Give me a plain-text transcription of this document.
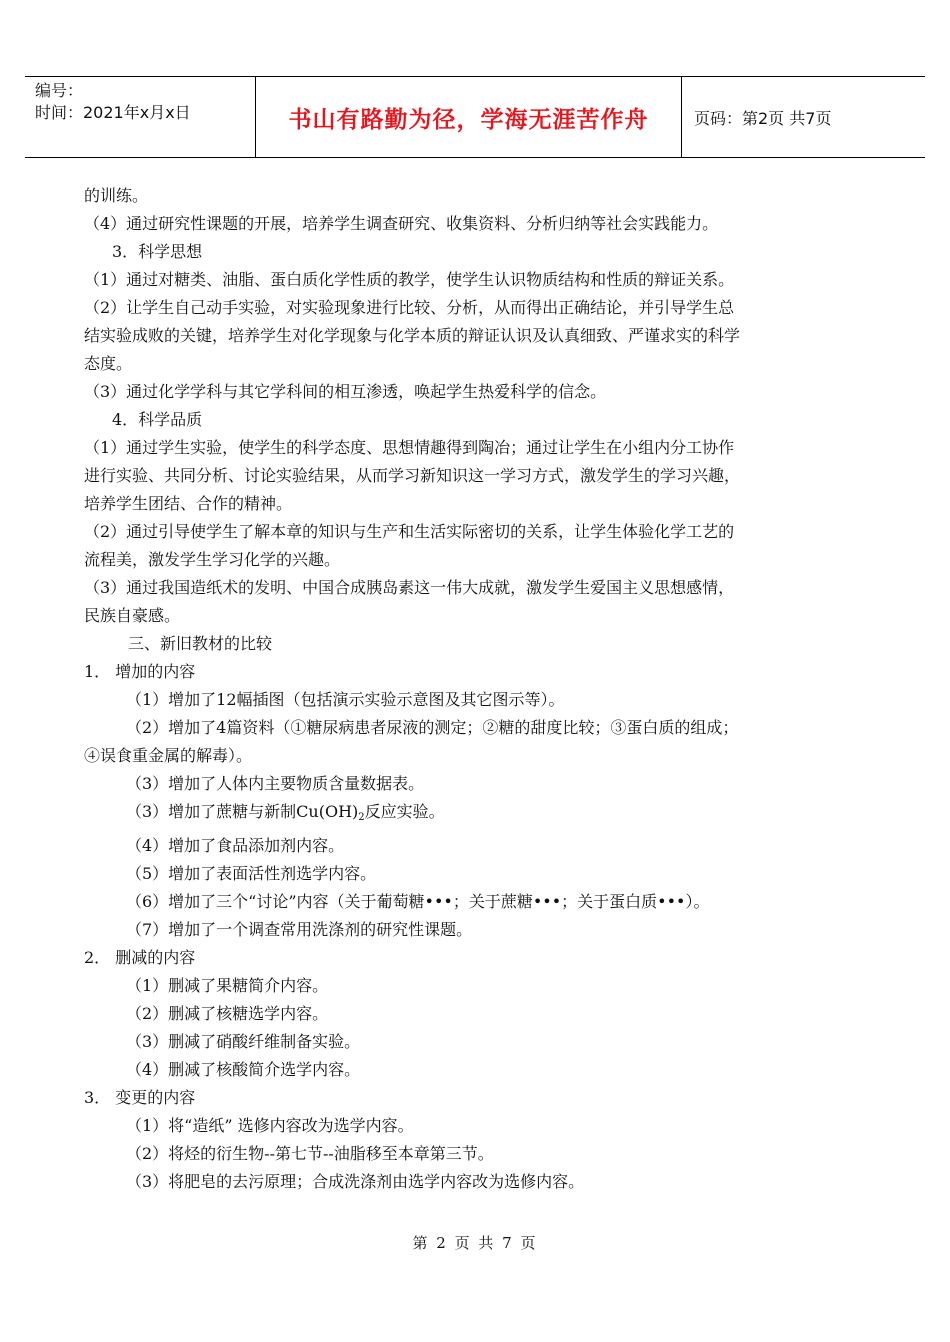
编号：
时间：2021年x月x日	书山有路勤为径，学海无涯苦作舟	页码：第2页 共7页
的训练。
（4）通过研究性课题的开展，培养学生调查研究、收集资料、分析归纳等社会实践能力。
3．科学思想
（1）通过对糖类、油脂、蛋白质化学性质的教学，使学生认识物质结构和性质的辩证关系。
（2）让学生自己动手实验，对实验现象进行比较、分析，从而得出正确结论，并引导学生总
结实验成败的关键，培养学生对化学现象与化学本质的辩证认识及认真细致、严谨求实的科学
态度。
（3）通过化学学科与其它学科间的相互渗透，唤起学生热爱科学的信念。
4．科学品质
（1）通过学生实验，使学生的科学态度、思想情趣得到陶冶；通过让学生在小组内分工协作
进行实验、共同分析、讨论实验结果，从而学习新知识这一学习方式，激发学生的学习兴趣，
培养学生团结、合作的精神。
（2）通过引导使学生了解本章的知识与生产和生活实际密切的关系，让学生体验化学工艺的
流程美，激发学生学习化学的兴趣。
（3）通过我国造纸术的发明、中国合成胰岛素这一伟大成就，激发学生爱国主义思想感情，
民族自豪感。
三、新旧教材的比较
1． 增加的内容
（1）增加了12幅插图（包括演示实验示意图及其它图示等）。
（2）增加了4篇资料（①糖尿病患者尿液的测定；②糖的甜度比较；③蛋白质的组成；
④误食重金属的解毒）。
（3）增加了人体内主要物质含量数据表。
（3）增加了蔗糖与新制$Cu(OH)_2$反应实验。
（4）增加了食品添加剂内容。
（5）增加了表面活性剂选学内容。
（6）增加了三个“讨论”内容（关于葡萄糖•••；关于蔗糖•••；关于蛋白质•••）。
（7）增加了一个调查常用洗涤剂的研究性课题。
2． 删减的内容
（1）删减了果糖简介内容。
（2）删减了核糖选学内容。
（3）删减了硝酸纤维制备实验。
（4）删减了核酸简介选学内容。
3． 变更的内容
（1）将“造纸” 选修内容改为选学内容。
（2）将烃的衍生物--第七节--油脂移至本章第三节。
（3）将肥皂的去污原理；合成洗涤剂由选学内容改为选修内容。
第 2 页 共 7 页
